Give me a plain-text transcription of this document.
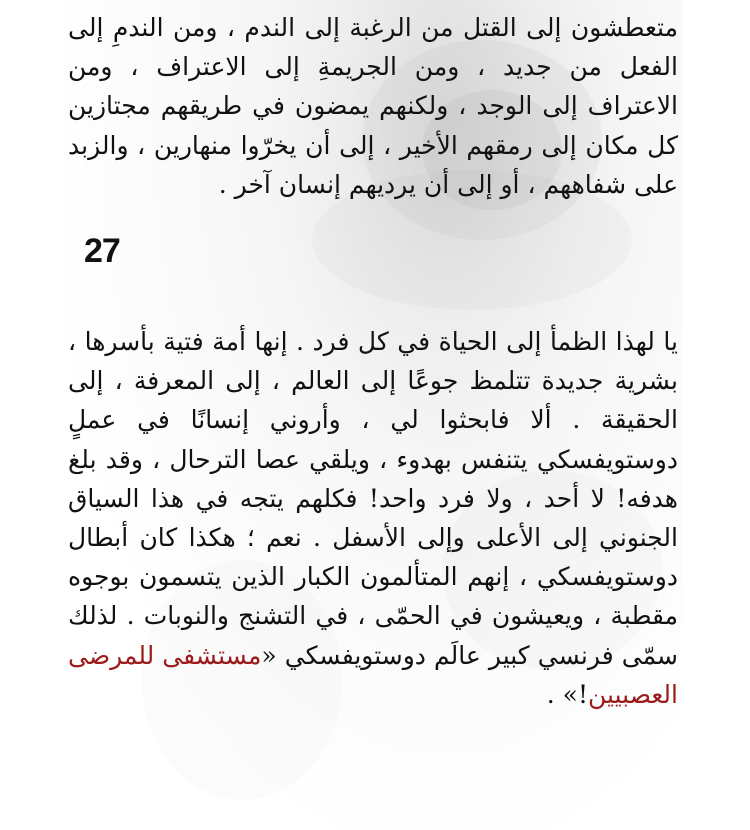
متعطشون إلى القتل من الرغبة إلى الندم ، ومن الندمِ إلى الفعل من جديد ، ومن الجريمةِ إلى الاعتراف ، ومن الاعتراف إلى الوجد ، ولكنهم يمضون في طريقهم مجتازين كل مكان إلى رمقهم الأخير ، إلى أن يخرّوا منهارين ، والزبد على شفاههم ، أو إلى أن يرديهم إنسان آخر .

27

يا لهذا الظمأ إلى الحياة في كل فرد . إنها أمة فتية بأسرها ، بشرية جديدة تتلمظ جوعًا إلى العالم ، إلى المعرفة ، إلى الحقيقة . ألا فابحثوا لي ، وأروني إنسانًا في عملٍ دوستويفسكي يتنفس بهدوء ، ويلقي عصا الترحال ، وقد بلغ هدفه! لا أحد ، ولا فرد واحد! فكلهم يتجه في هذا السياق الجنوني إلى الأعلى وإلى الأسفل . نعم ؛ هكذا كان أبطال دوستويفسكي ، إنهم المتألمون الكبار الذين يتسمون بوجوه مقطبة ، ويعيشون في الحمّى ، في التشنج والنوبات . لذلك سمّى فرنسي كبير عالَم دوستويفسكي «مستشفى للمرضى العصبيين!» .
